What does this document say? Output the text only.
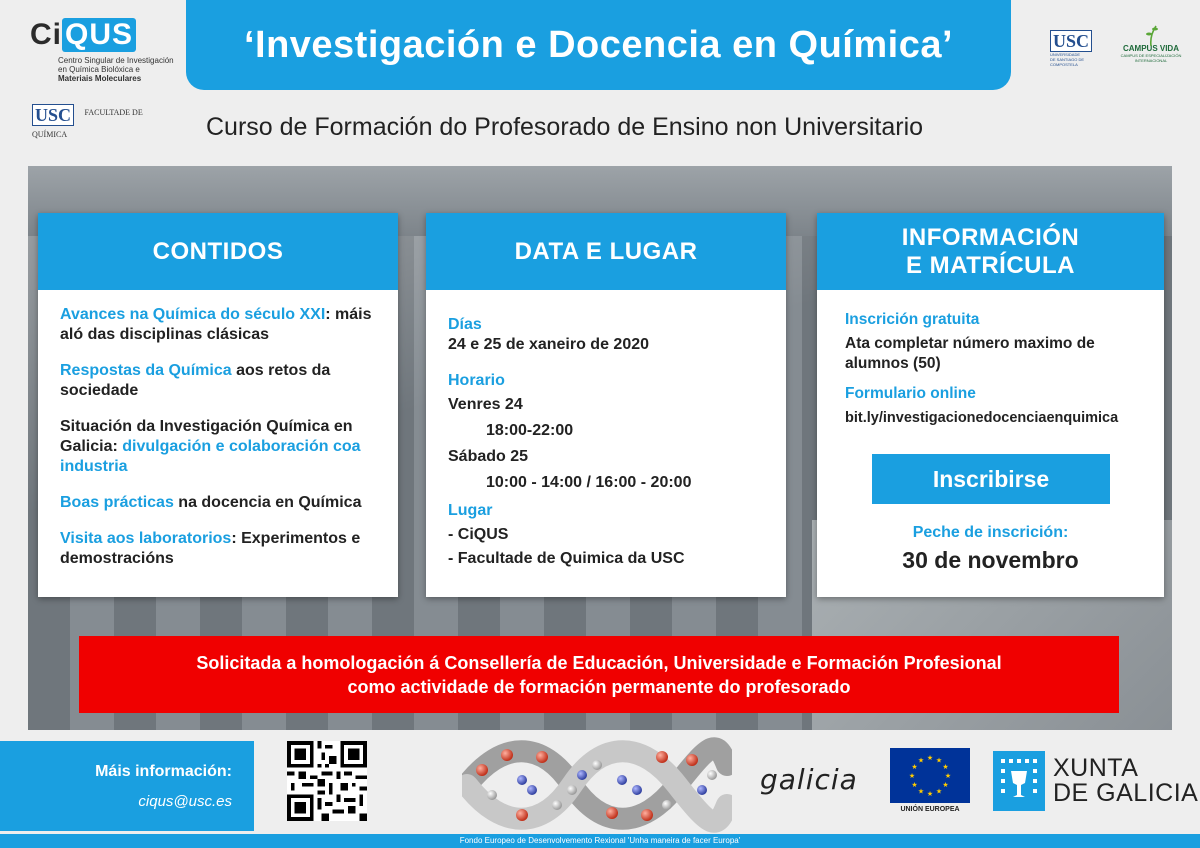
Ci QUS
Centro Singular de Investigación
en Química Biolóxica e
Materiais Moleculares
‘Investigación e Docencia en Química’	USC
UNIVERSIDADE DE SANTIAGO DE COMPOSTELA
CAMPUS VIDA
CAMPUS DE ESPECIALIZACIÓN INTERNACIONAL
USC FACULTADE DE QUÍMICA	Curso de Formación do Profesorado de Ensino non Universitario
CONTIDOS
Avances na Química do século XXI: máis aló das disciplinas clásicas
Respostas da Química aos retos da sociedade
Situación da Investigación Química en Galicia: divulgación e colaboración coa industria
Boas prácticas na docencia en Química
Visita aos laboratorios: Experimentos e demostracións
DATA E LUGAR
Días
24 e 25 de xaneiro de 2020
Horario
Venres 24
18:00-22:00
Sábado 25
10:00 - 14:00 / 16:00 - 20:00
Lugar
- CiQUS
- Facultade de Quimica da USC
INFORMACIÓN
E MATRÍCULA
Inscrición gratuita
Ata completar número maximo de alumnos (50)
Formulario online
bit.ly/investigacionedocenciaenquimica
Inscribirse
Peche de inscrición:
30 de novembro
Solicitada a homologación á Consellería de Educación, Universidade e Formación Profesional
como actividade de formación permanente do profesorado
Máis información:
ciqus@usc.es
galicia
★ ★
★
★
★
★
★
★
★
★
★
★
UNIÓN EUROPEA
XUNTA
DE GALICIA
Fondo Europeo de Desenvolvemento Rexional 'Unha maneira de facer Europa'
